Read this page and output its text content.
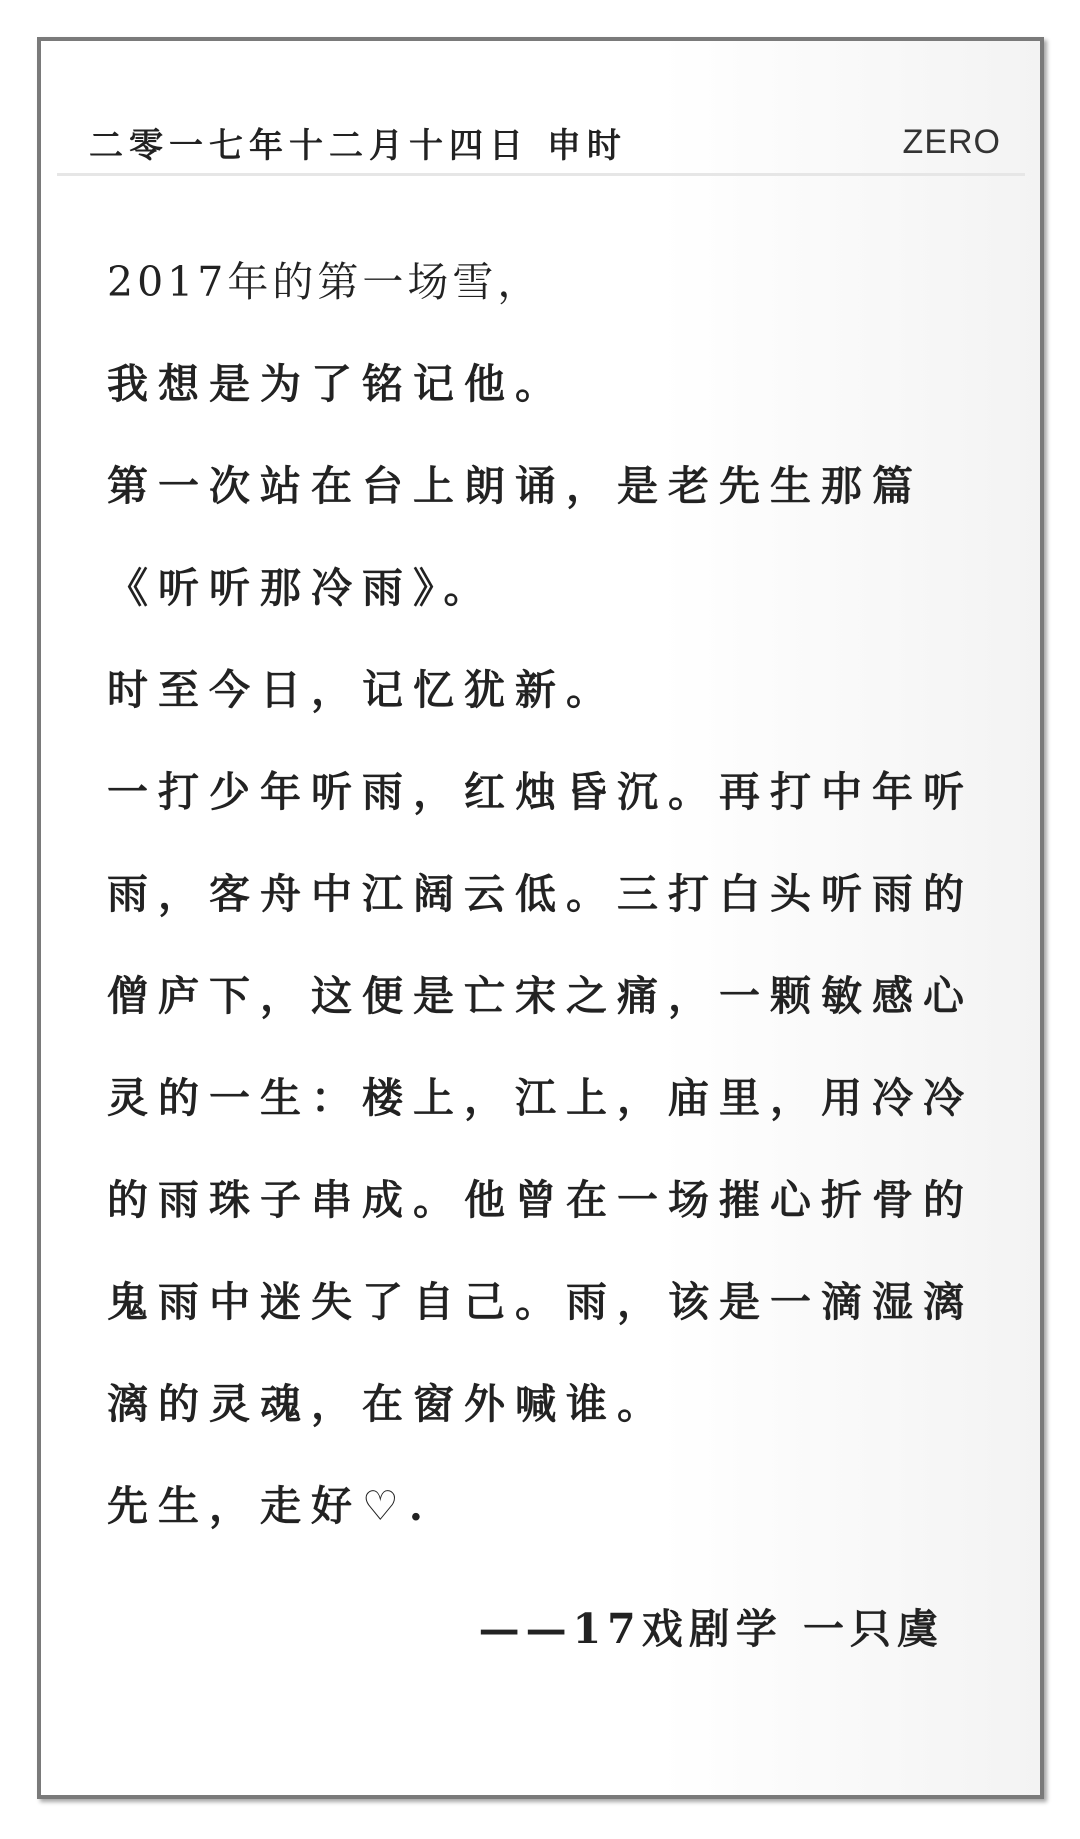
二零一七年十二月十四日 申时	ZERO
2017年的第一场雪，
我想是为了铭记他。
第一次站在台上朗诵，是老先生那篇
《听听那冷雨》。
时至今日，记忆犹新。
一打少年听雨，红烛昏沉。再打中年听
雨，客舟中江阔云低。三打白头听雨的
僧庐下，这便是亡宋之痛，一颗敏感心
灵的一生：楼上，江上，庙里，用冷冷
的雨珠子串成。他曾在一场摧心折骨的
鬼雨中迷失了自己。雨，该是一滴湿漓
漓的灵魂，在窗外喊谁。
先生，走好♡.
——17戏剧学 一只虞
